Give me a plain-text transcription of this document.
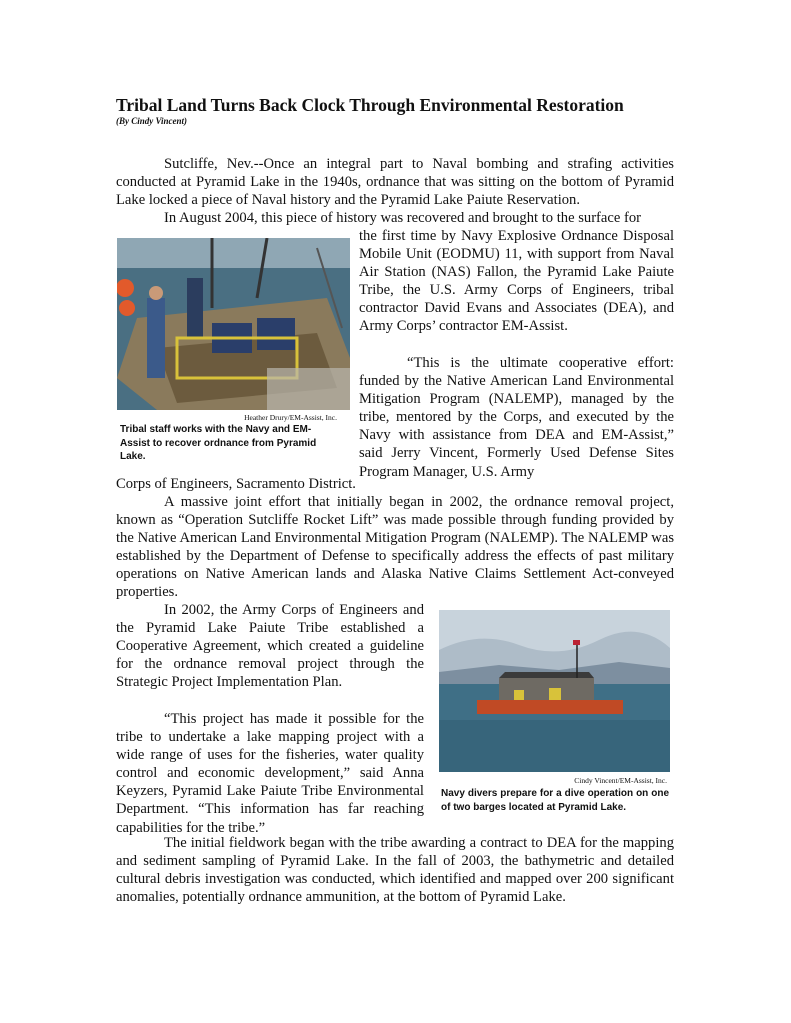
Tribal Land Turns Back Clock Through Environmental Restoration
(By Cindy Vincent)

Sutcliffe, Nev.--Once an integral part to Naval bombing and strafing activities conducted at Pyramid Lake in the 1940s, ordnance that was sitting on the bottom of Pyramid Lake locked a piece of Naval history and the Pyramid Lake Paiute Reservation.

In August 2004, this piece of history was recovered and brought to the surface for

Heather Drury/EM-Assist, Inc.
Tribal staff works with the Navy and EM-Assist to recover ordnance from Pyramid Lake.

the first time by Navy Explosive Ordnance Disposal Mobile Unit (EODMU) 11, with support from Naval Air Station (NAS) Fallon, the Pyramid Lake Paiute Tribe, the U.S. Army Corps of Engineers, tribal contractor David Evans and Associates (DEA), and Army Corps’ contractor EM-Assist.

“This is the ultimate cooperative effort: funded by the Native American Land Environmental Mitigation Program (NALEMP), managed by the tribe, mentored by the Corps, and executed by the Navy with assistance from DEA and EM-Assist,” said Jerry Vincent, Formerly Used Defense Sites Program Manager, U.S. Army

Corps of Engineers, Sacramento District.

A massive joint effort that initially began in 2002, the ordnance removal project, known as “Operation Sutcliffe Rocket Lift” was made possible through funding provided by the Native American Land Environmental Mitigation Program (NALEMP). The NALEMP was established by the Department of Defense to specifically address the effects of past military operations on Native American lands and Alaska Native Claims Settlement Act-conveyed properties.

In 2002, the Army Corps of Engineers and the Pyramid Lake Paiute Tribe established a Cooperative Agreement, which created a guideline for the ordnance removal project through the Strategic Project Implementation Plan.

“This project has made it possible for the tribe to undertake a lake mapping project with a wide range of uses for the fisheries, water quality control and economic development,” said Anna Keyzers, Pyramid Lake Paiute Tribe Environmental Department. “This information has far reaching capabilities for the tribe.”

Cindy Vincent/EM-Assist, Inc.
Navy divers prepare for a dive operation on one of two barges located at Pyramid Lake.

The initial fieldwork began with the tribe awarding a contract to DEA for the mapping and sediment sampling of Pyramid Lake. In the fall of 2003, the bathymetric and detailed cultural debris investigation was conducted, which identified and mapped over 200 significant anomalies, potentially ordnance ammunition, at the bottom of Pyramid Lake.
